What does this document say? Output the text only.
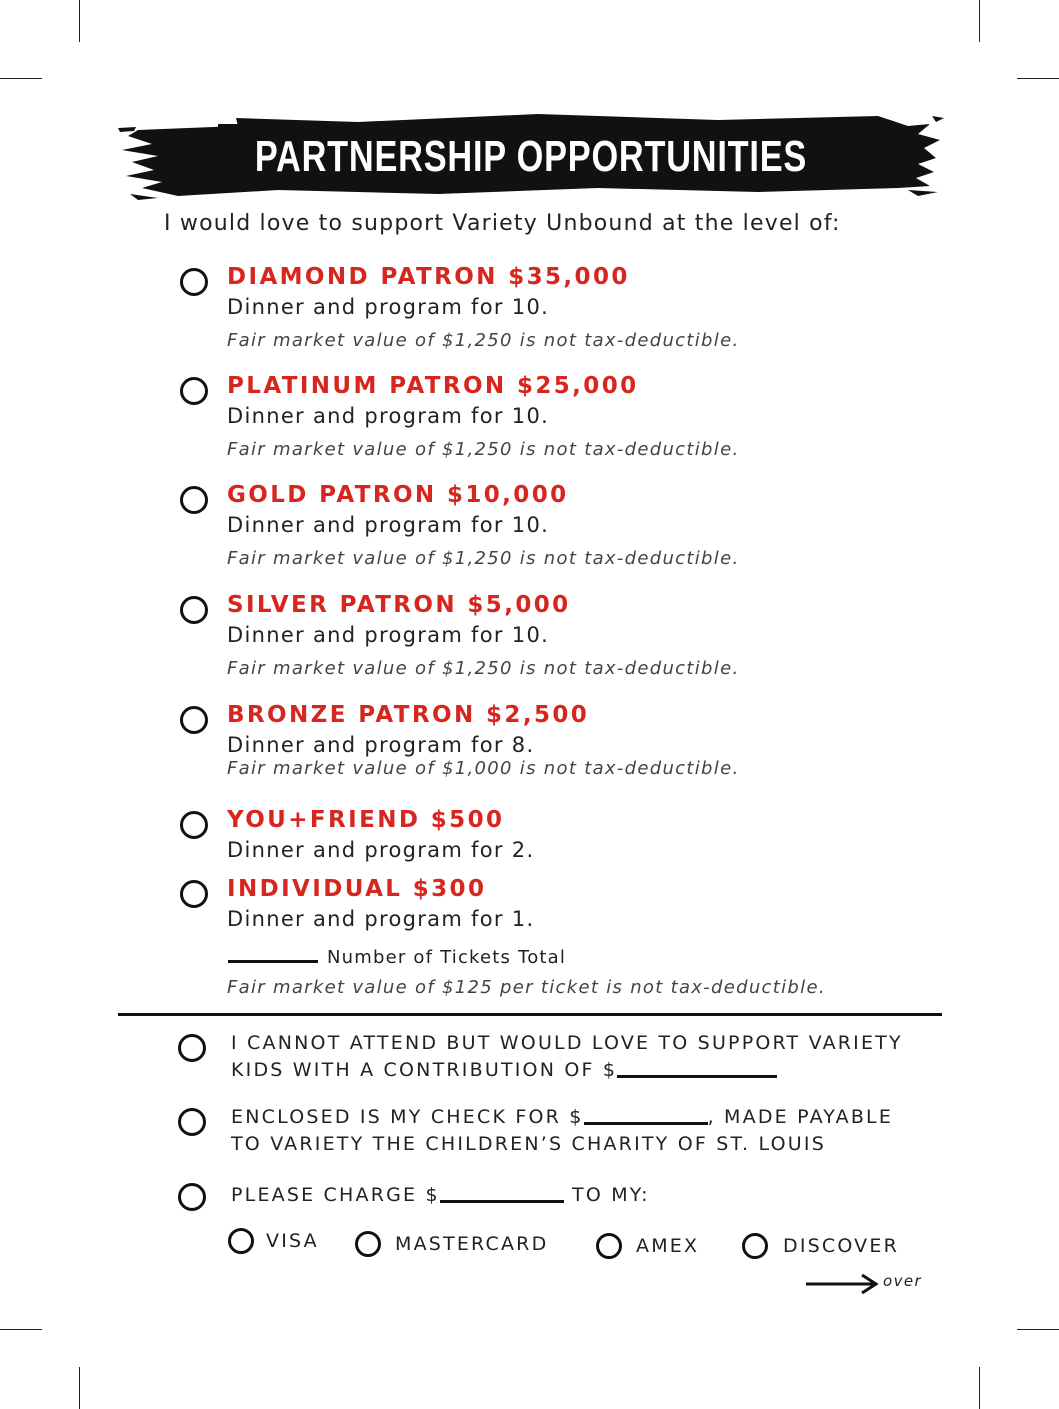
PARTNERSHIP OPPORTUNITIES
I would love to support Variety Unbound at the level of:
DIAMOND PATRON $35,000
Dinner and program for 10.
Fair market value of $1,250 is not tax-deductible.
PLATINUM PATRON $25,000
Dinner and program for 10.
Fair market value of $1,250 is not tax-deductible.
GOLD PATRON $10,000
Dinner and program for 10.
Fair market value of $1,250 is not tax-deductible.
SILVER PATRON $5,000
Dinner and program for 10.
Fair market value of $1,250 is not tax-deductible.
BRONZE PATRON $2,500
Dinner and program for 8.
Fair market value of $1,000 is not tax-deductible.
YOU+FRIEND $500
Dinner and program for 2.
INDIVIDUAL $300
Dinner and program for 1.
Number of Tickets Total
Fair market value of $125 per ticket is not tax-deductible.
I CANNOT ATTEND BUT WOULD LOVE TO SUPPORT VARIETY
KIDS WITH A CONTRIBUTION OF $
ENCLOSED IS MY CHECK FOR $	, MADE PAYABLE
TO VARIETY THE CHILDREN’S CHARITY OF ST. LOUIS
PLEASE CHARGE $	TO MY:
VISA	MASTERCARD	AMEX	DISCOVER
over
